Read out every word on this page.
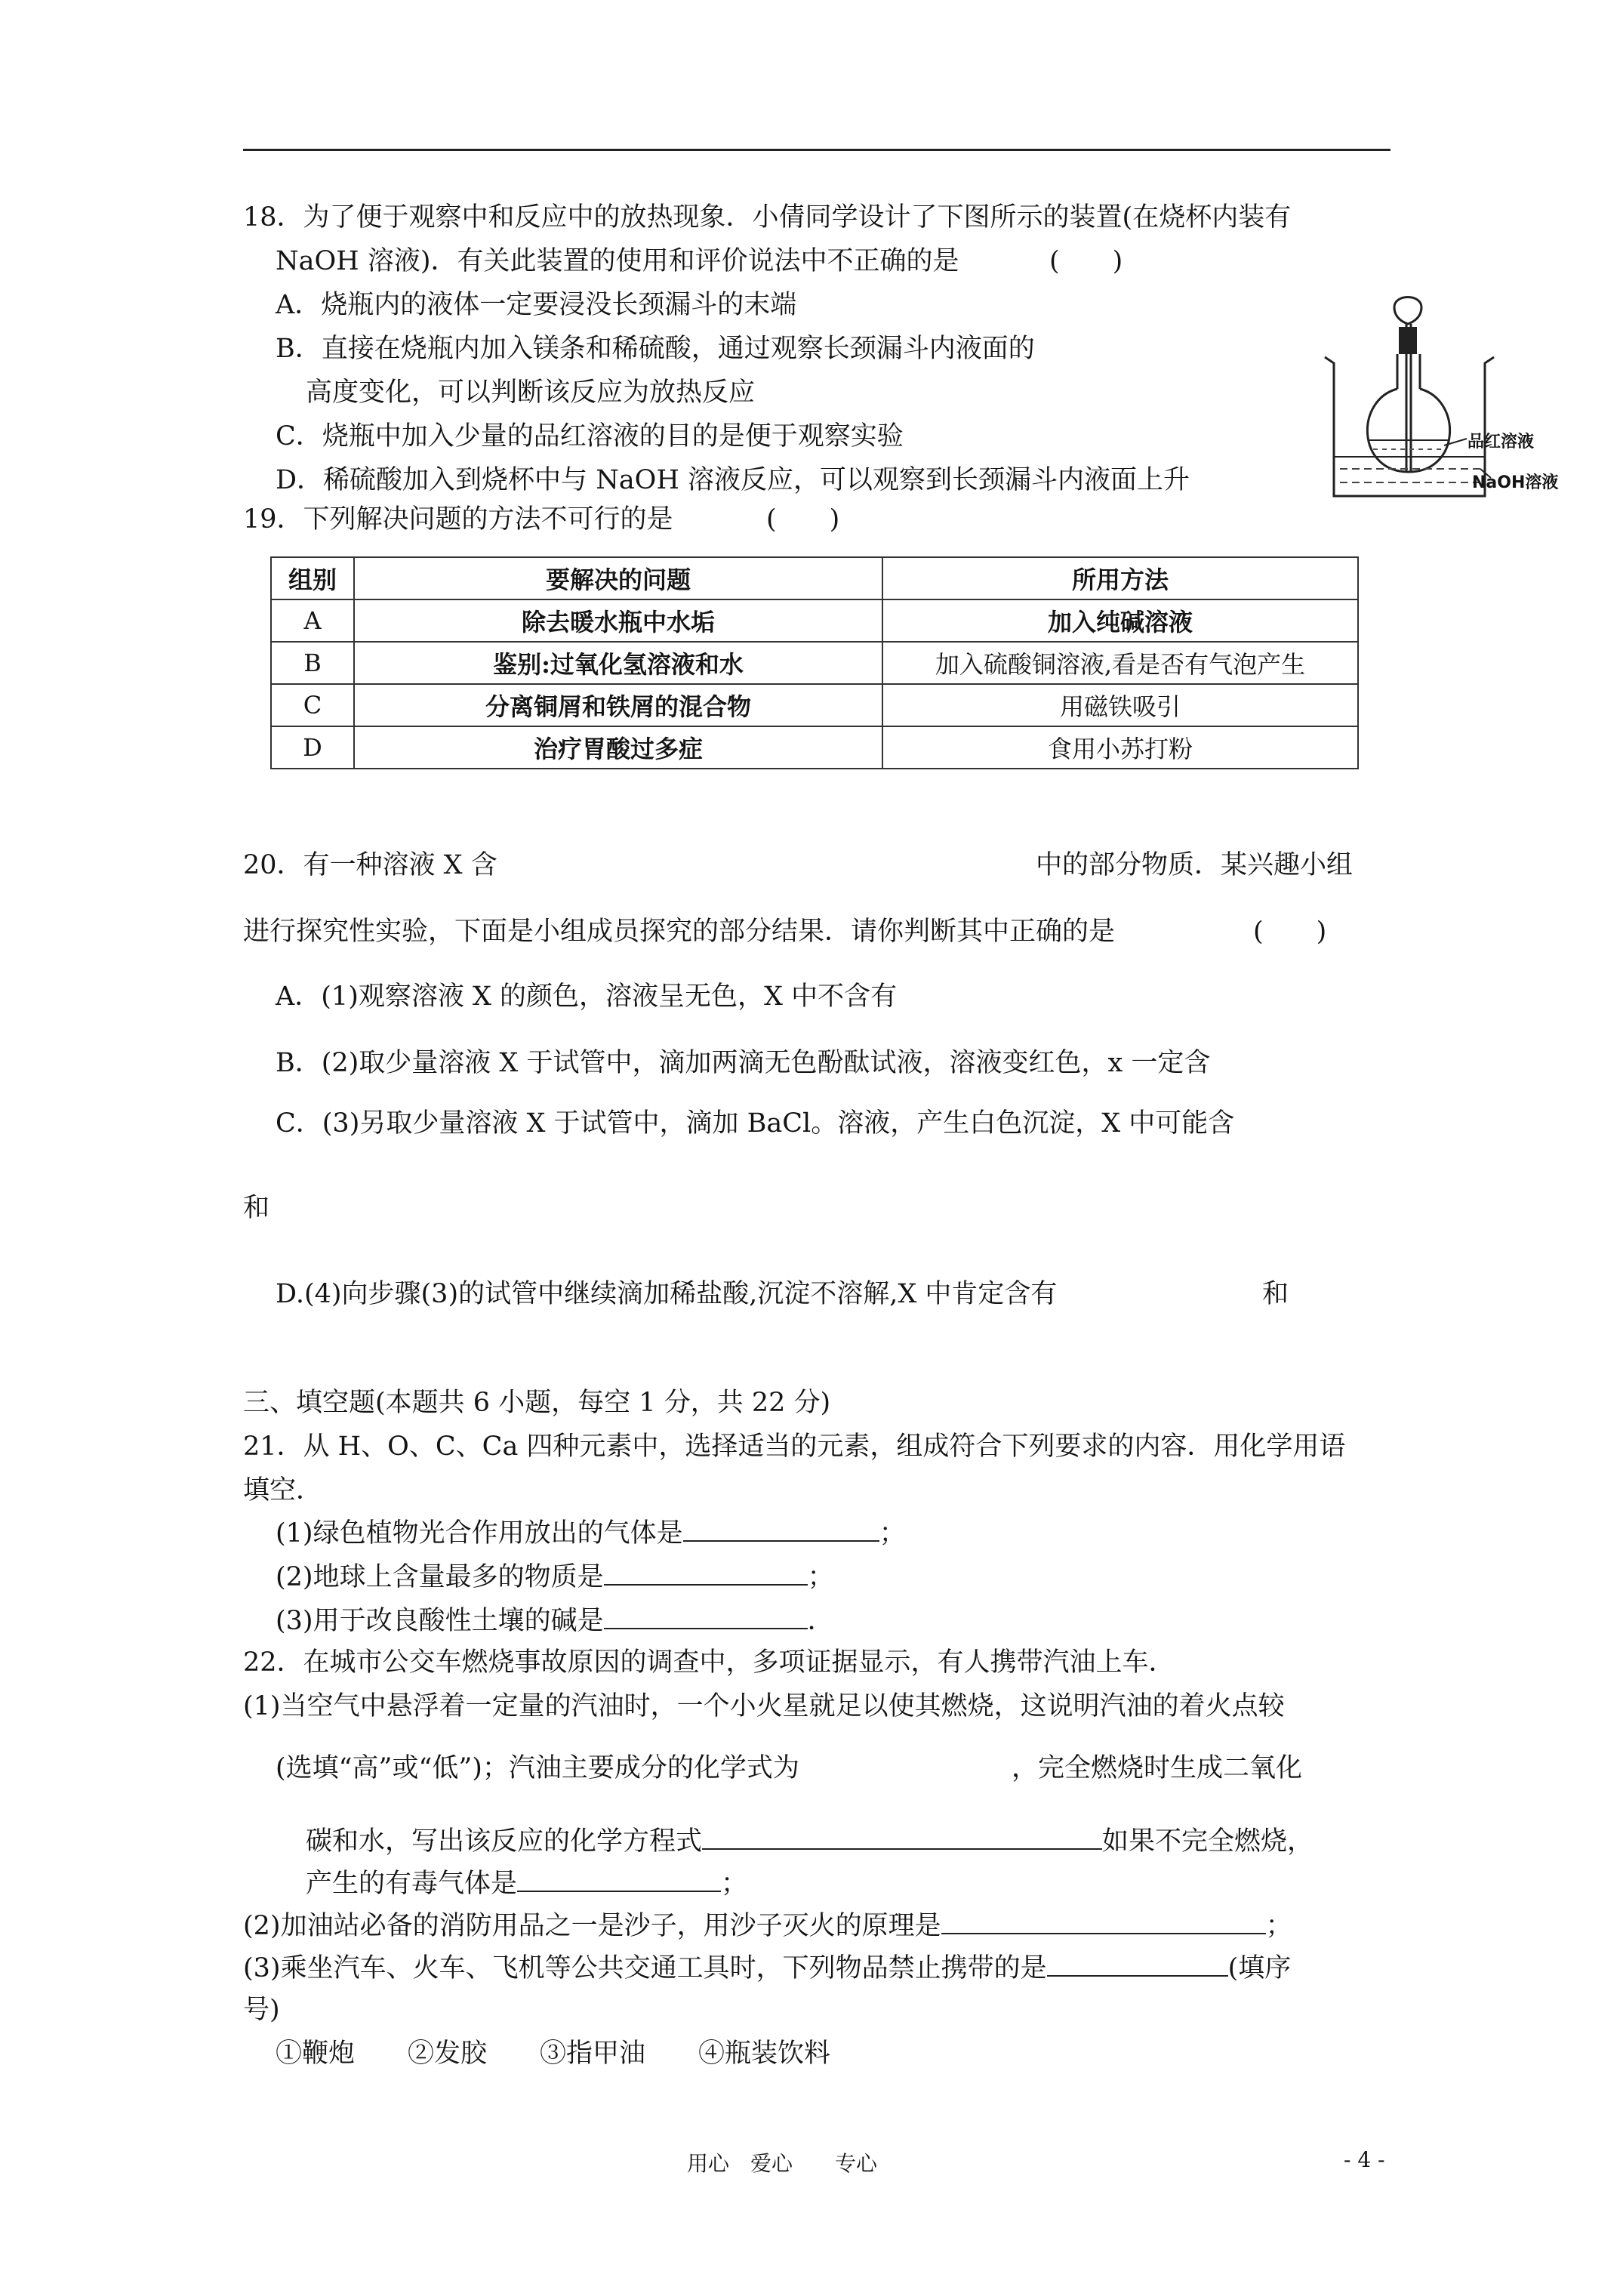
18．为了便于观察中和反应中的放热现象．小倩同学设计了下图所示的装置(在烧杯内装有
NaOH 溶液)．有关此装置的使用和评价说法中不正确的是	(　　)
A．烧瓶内的液体一定要浸没长颈漏斗的末端
B．直接在烧瓶内加入镁条和稀硫酸，通过观察长颈漏斗内液面的
高度变化，可以判断该反应为放热反应
C．烧瓶中加入少量的品红溶液的目的是便于观察实验
D．稀硫酸加入到烧杯中与 NaOH 溶液反应，可以观察到长颈漏斗内液面上升
品红溶液
NaOH溶液
19．下列解决问题的方法不可行的是	(　　)
组别	要解决的问题	所用方法
A	除去暖水瓶中水垢	加入纯碱溶液
B	鉴别:过氧化氢溶液和水	加入硫酸铜溶液,看是否有气泡产生
C	分离铜屑和铁屑的混合物	用磁铁吸引
D	治疗胃酸过多症	食用小苏打粉
20．有一种溶液 X 含	中的部分物质．某兴趣小组
进行探究性实验，下面是小组成员探究的部分结果．请你判断其中正确的是	(　　)
A．(1)观察溶液 X 的颜色，溶液呈无色，X 中不含有
B．(2)取少量溶液 X 于试管中，滴加两滴无色酚酞试液，溶液变红色，x 一定含
C．(3)另取少量溶液 X 于试管中，滴加 BaCl。溶液，产生白色沉淀，X 中可能含
和
D.(4)向步骤(3)的试管中继续滴加稀盐酸,沉淀不溶解,X 中肯定含有	和
三、填空题(本题共 6 小题，每空 1 分，共 22 分)
21．从 H、O、C、Ca 四种元素中，选择适当的元素，组成符合下列要求的内容．用化学用语
填空．
(1)绿色植物光合作用放出的气体是	；
(2)地球上含量最多的物质是	；
(3)用于改良酸性土壤的碱是	．
22．在城市公交车燃烧事故原因的调查中，多项证据显示，有人携带汽油上车．
(1)当空气中悬浮着一定量的汽油时，一个小火星就足以使其燃烧，这说明汽油的着火点较
(选填“高”或“低”)；汽油主要成分的化学式为	，完全燃烧时生成二氧化
碳和水，写出该反应的化学方程式	如果不完全燃烧，
产生的有毒气体是	；
(2)加油站必备的消防用品之一是沙子，用沙子灭火的原理是	；
(3)乘坐汽车、火车、飞机等公共交通工具时，下列物品禁止携带的是	(填序
号)
①鞭炮　　②发胶　　③指甲油　　④瓶装饮料
用心　爱心　　专心	- 4 -
